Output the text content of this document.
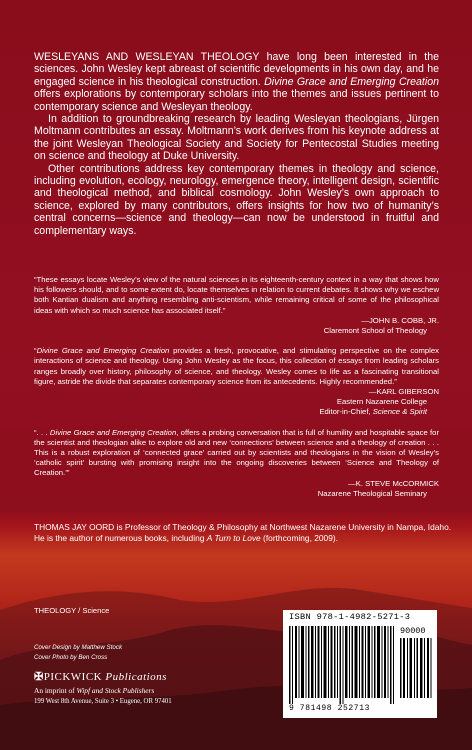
WESLEYANS AND WESLEYAN THEOLOGY have long been interested in the sciences. John Wesley kept abreast of scientific developments in his own day, and he engaged science in his theological construction. Divine Grace and Emerging Creation offers explorations by contemporary scholars into the themes and issues pertinent to contemporary science and Wesleyan theology.

In addition to groundbreaking research by leading Wesleyan theologians, Jürgen Moltmann contributes an essay. Moltmann’s work derives from his keynote address at the joint Wesleyan Theological Society and Society for Pentecostal Studies meeting on science and theology at Duke University.

Other contributions address key contemporary themes in theology and science, including evolution, ecology, neurology, emergence theory, intelligent design, scientific and theological method, and biblical cosmology. John Wesley’s own approach to science, explored by many contributors, offers insights for how two of humanity’s central concerns—science and theology—can now be understood in fruitful and complementary ways.

“These essays locate Wesley’s view of the natural sciences in its eighteenth-century context in a way that shows how his followers should, and to some extent do, locate themselves in relation to current debates. It shows why we eschew both Kantian dualism and anything resembling anti-scientism, while remaining critical of some of the philosophical ideas with which so much science has associated itself.”
—JOHN B. COBB, JR.
Claremont School of Theology
“Divine Grace and Emerging Creation provides a fresh, provocative, and stimulating perspective on the complex interactions of science and theology. Using John Wesley as the focus, this collection of essays from leading scholars ranges broadly over history, philosophy of science, and theology. Wesley comes to life as a fascinating transitional figure, astride the divide that separates contemporary science from its antecedents. Highly recommended.”
—KARL GIBERSON
Eastern Nazarene College
Editor-in-Chief, Science & Spirit
“. . . Divine Grace and Emerging Creation, offers a probing conversation that is full of humility and hospitable space for the scientist and theologian alike to explore old and new ‘connections’ between science and a theology of creation . . . This is a robust exploration of ‘connected grace’ carried out by scientists and theologians in the vision of Wesley’s ‘catholic spirit’ bursting with promising insight into the ongoing discoveries between ‘Science and Theology of Creation.’”
—K. STEVE McCORMICK
Nazarene Theological Seminary
THOMAS JAY OORD is Professor of Theology & Philosophy at Northwest Nazarene University in Nampa, Idaho. He is the author of numerous books, including A Turn to Love (forthcoming, 2009).
THEOLOGY / Science
Cover Design by Matthew Stock
Cover Photo by Ben Cross
✠PICKWICK Publications
An imprint of Wipf and Stock Publishers
199 West 8th Avenue, Suite 3 • Eugene, OR 97401
ISBN 978-1-4982-5271-3
90000
9 781498 252713
